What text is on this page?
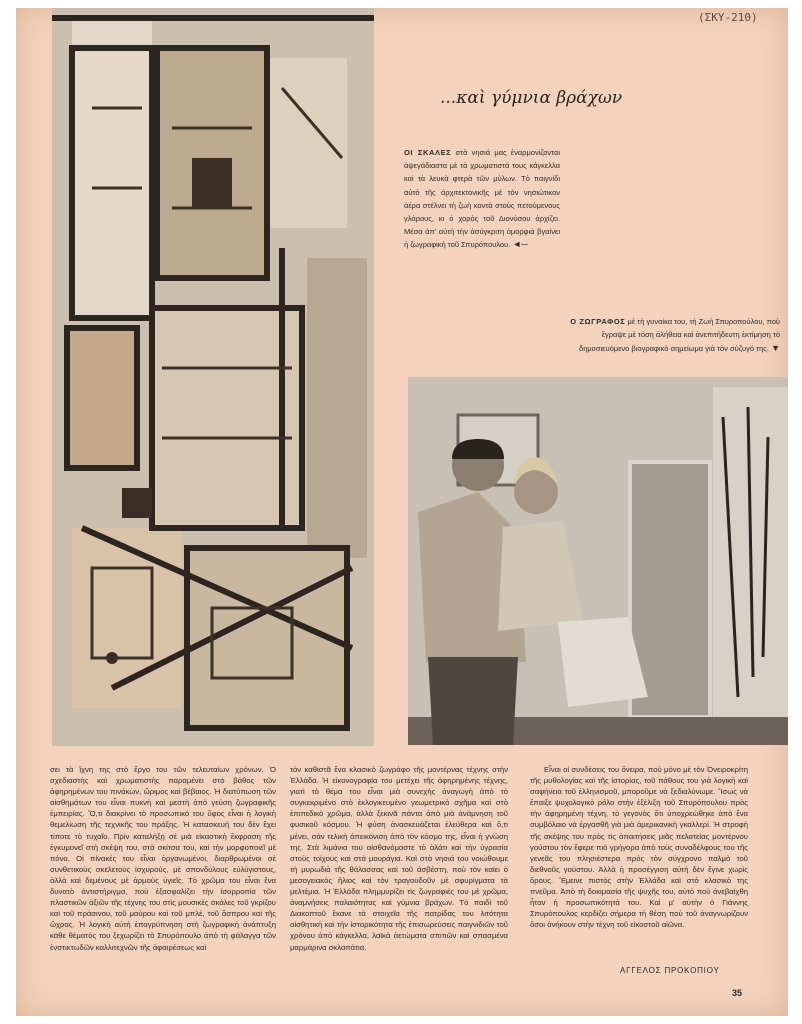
(ΣΚΥ-210)
...καὶ γύμνια βράχων
ΟΙ ΣΚΑΛΕΣ στὰ νησιά μας ἐναρμονίζονται ἀψεγάδιαστα μὲ τὰ χρωματιστά τους κάγκελλα καὶ τὰ λευκὰ φτερὰ τῶν μύλων. Τὸ παιγνίδι αὐτὸ τῆς ἀρχιτεκτονικῆς μὲ τὸν νησιώτικον ἀέρα στέλνει τὴ ζωὴ κοντὰ στοὺς πετούμενους γλάρους, κι ὁ χορὸς τοῦ Διονύσου ἀρχίζει. Μέσα ἀπ' αὐτὴ τὴν ἀσύγκριτη ὀμορφιὰ βγαίνει ἡ ζωγραφικὴ τοῦ Σπυρόπουλου. ◄─
Ο ΖΩΓΡΑΦΟΣ μὲ τὴ γυναίκα του, τὴ Ζωὴ Σπυροπούλου, ποὺ ἔγραψε μὲ τόση ἀλήθεια καὶ ἀνεπιτήδευτη ἐκτίμηση τὸ δημοσιευόμενο βιογραφικὸ σημείωμα γιὰ τὸν σύζυγό της. ▼
σει τὰ ἴχνη της στὸ ἔργο του τῶν τελευταίων χρόνων. Ὁ σχεδιαστὴς καὶ χρωματιστὴς παραμένει στὸ βάθος τῶν ἀφηρημένων του πινάκων, ὥριμος καὶ βέβαιος. Ἡ διατύπωση τῶν αἰσθημάτων του εἶναι πυκνὴ καὶ μεστὴ ἀπὸ γεύση ζωγραφικῆς ἐμπειρίας. Ὅ,τι διακρίνει τὸ προσωπικό του ὕφος εἶναι ἡ λογικὴ θεμελίωση τῆς τεχνικῆς του πράξης. Ἡ κατασκευή του δὲν ἔχει τίποτε τὸ τυχαῖο. Πρὶν καταλήξῃ σὲ μιὰ εἰκαστικὴ ἔκφραση τῆς ἐγκυμονεῖ στὴ σκέψη του, στὰ σκίτσα του, καὶ τὴν μορφοποιεῖ μὲ πόνο. Οἱ πίνακές του εἶναι ὀργανωμένοι, διαρθρωμένοι σὲ συνθετικοὺς σκελετοὺς ἰσχυρούς, μὲ σπονδύλους εὐλύγιστους, ἀλλὰ καὶ δεμένους μὲ ἁρμοὺς ὑγιεῖς. Τὸ χρῶμα του εἶναι ἕνα δυνατὸ ἀντιστήριγμα, ποὺ ἐξασφαλίζει τὴν ἰσορροπία τῶν πλαστικῶν ἀξιῶν τῆς τέχνης του στὶς μουσικὲς σκάλες τοῦ γκρίζου καὶ τοῦ πράσινου, τοῦ μαύρου καὶ τοῦ μπλέ, τοῦ ἄσπρου καὶ τῆς ὤχρας. Ἡ λογικὴ αὐτὴ ἐπαγρύπνηση στὴ ζωγραφικὴ ἀνάπτυξη κάθε θέματός του ξεχωρίζει τὸ Σπυρόπουλο ἀπὸ τὴ φάλαγγα τῶν ἐνστικτωδῶν καλλιτεχνῶν τῆς ἀφαιρέσεως καὶ
τὸν καθιστᾶ ἕνα κλασικὸ ζωγράφο τῆς μοντέρνας τέχνης στὴν Ἑλλάδα. Ἡ εἰκονογραφία του μετέχει τῆς ἀφηρημένης τέχνης, γιατὶ τὸ θέμα του εἶναι μιὰ συνεχὴς ἀναγωγὴ ἀπὸ τὸ συγκεκριμένο στὸ ἐκλογικευμένο γεωμετρικὸ σχῆμα καὶ στὸ ἐπιπεδικὸ χρῶμα, ἀλλὰ ξεκινᾶ πάντα ἀπὸ μιὰ ἀνάμνηση τοῦ φυσικοῦ κόσμου. Ἡ φύση ἀνασκευάζεται ἐλεύθερα καὶ ὅ,τι μένει, σὰν τελικὴ ἀπεικόνιση ἀπὸ τὸν κόσμο της, εἶναι ἡ γνώση της. Στὰ λιμάνια του αἰσθανόμαστε τὸ ἁλάτι καὶ τὴν ὑγρασία στοὺς τοίχους καὶ στὰ μουράγια. Καὶ στὰ νησιά του νοιώθουμε τὴ μυρωδιὰ τῆς θάλασσας καὶ τοῦ ἀσβέστη, ποὺ τὸν καίει ὁ μεσογειακὸς ἥλιος καὶ τὸν τραγουδοῦν μὲ σφυρίγματα τὰ μελτέμια. Ἡ Ἑλλάδα πλημμυρίζει τὶς ζωγραφιές του μὲ χρῶμα, ἀναμνήσεις παλαιότητας καὶ γύμνια βράχων. Τὸ παιδὶ τοῦ Διακοπτοῦ ἔκανε τὰ στοιχεῖα τῆς πατρίδας του λιτότητα αἰσθητικὴ καὶ τὴν ἰστορικότητα τῆς ἐπισωρεύσεις παιγνιδιῶν τοῦ χρόνου ἀπὸ κάγκελλα, λαϊκὰ ἀετώματα σπιτιῶν καὶ σπασμένα μαρμάρινα σκλαπάτια.
Εἶναι οἱ συνδέσεις του ὄνειρα, ποὺ μόνο μὲ τὸν Ὀνειροκρίτη τῆς μυθολογίας καὶ τῆς ἱστορίας, τοῦ πάθους του γιὰ λογικὴ καὶ σαφήνεια τοῦ ἑλληνισμοῦ, μποροῦμε νὰ ξεδιαλύνωμε. Ἴσως νὰ ἔπαιξε ψυχολογικὸ ρόλο στὴν ἐξέλιξη τοῦ Σπυρόπουλου πρὸς τὴν ἀφηρημένη τέχνη, τὸ γεγονὸς ὅτι ὑποχρεώθηκε ἀπὸ ἕνα συμβόλαιο νὰ ἐργασθῆ γιὰ μιὰ ἀμερικανικὴ γκαλλερί. Ἡ στροφὴ τῆς σκέψης του πρὸς τὶς ἀπαιτήσεις μιᾶς πελατείας μοντέρνου γούστου τὸν ἔφερε πιὸ γρήγορα ἀπὸ τοὺς συναδέλφους του τῆς γενεᾶς του πλησιέστερα πρὸς τὸν σύγχρονο παλμὸ τοῦ διεθνοῦς γούστου. Ἀλλὰ ἡ προσέγγιση αὐτὴ δὲν ἔγινε χωρὶς ὅρους. Ἔμεινε πιστὸς στὴν Ἑλλάδα καὶ στὸ κλασικὸ της πνεῦμα. Ἀπὸ τὴ δοκιμασία τῆς ψυχῆς του, αὐτὸ ποὺ ἀνεβαίχθη ἦταν ἡ προσωπικότητά του. Καὶ μ' αὐτὴν ὁ Γιάννης Σπυρόπουλος κερδίζει σήμερα τὴ θέση ποὺ τοῦ ἀναγνωρίζουν ὅσοι ἀνήκουν στὴν τέχνη τοῦ εἰκοστοῦ αἰῶνα.
ΑΓΓΕΛΟΣ ΠΡΟΚΟΠΙΟΥ
35
